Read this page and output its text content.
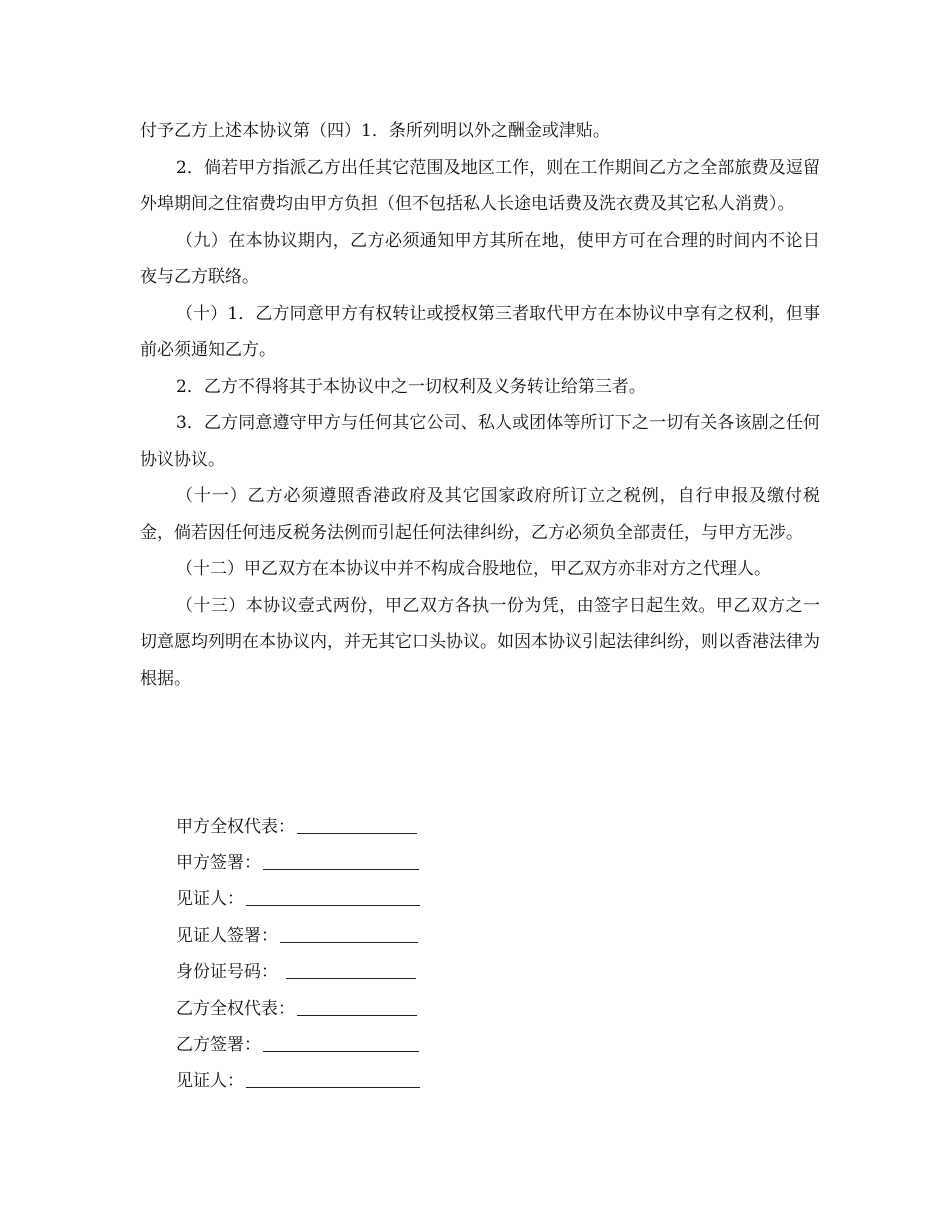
付予乙方上述本协议第（四）1．条所列明以外之酬金或津贴。

2．倘若甲方指派乙方出任其它范围及地区工作，则在工作期间乙方之全部旅费及逗留外埠期间之住宿费均由甲方负担（但不包括私人长途电话费及洗衣费及其它私人消费）。

（九）在本协议期内，乙方必须通知甲方其所在地，使甲方可在合理的时间内不论日夜与乙方联络。

（十）1．乙方同意甲方有权转让或授权第三者取代甲方在本协议中享有之权利，但事前必须通知乙方。

2．乙方不得将其于本协议中之一切权利及义务转让给第三者。

3．乙方同意遵守甲方与任何其它公司、私人或团体等所订下之一切有关各该剧之任何协议协议。

（十一）乙方必须遵照香港政府及其它国家政府所订立之税例，自行申报及缴付税金，倘若因任何违反税务法例而引起任何法律纠纷，乙方必须负全部责任，与甲方无涉。

（十二）甲乙双方在本协议中并不构成合股地位，甲乙双方亦非对方之代理人。

（十三）本协议壹式两份，甲乙双方各执一份为凭，由签字日起生效。甲乙双方之一切意愿均列明在本协议内，并无其它口头协议。如因本协议引起法律纠纷，则以香港法律为根据。

甲方全权代表：
甲方签署：
见证人：
见证人签署：
身份证号码：
乙方全权代表：
乙方签署：
见证人：
